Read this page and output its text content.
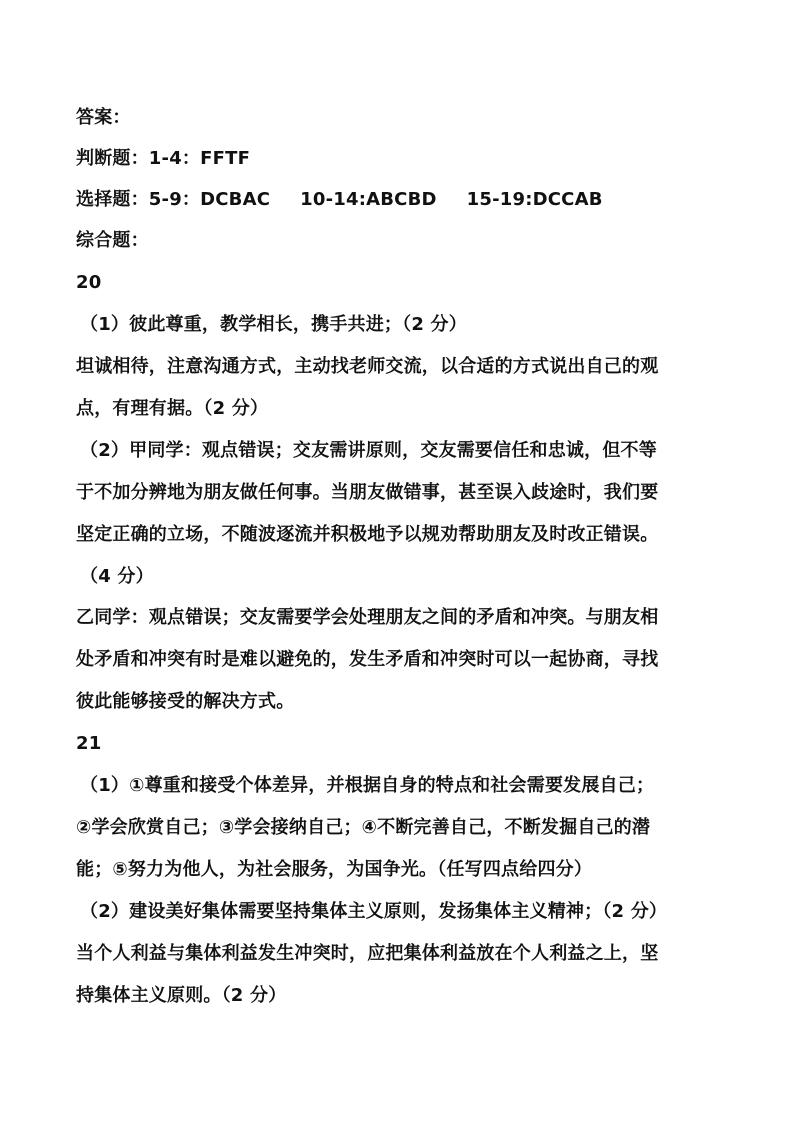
答案：
判断题：1-4：FFTF
选择题：5-9：DCBAC 10-14:ABCBD 15-19:DCCAB
综合题：
20
（1）彼此尊重，教学相长，携手共进；（2 分）
坦诚相待，注意沟通方式，主动找老师交流，以合适的方式说出自己的观
点，有理有据。（2 分）
（2）甲同学：观点错误；交友需讲原则，交友需要信任和忠诚，但不等
于不加分辨地为朋友做任何事。当朋友做错事，甚至误入歧途时，我们要
坚定正确的立场，不随波逐流并积极地予以规劝帮助朋友及时改正错误。
（4 分）
乙同学：观点错误；交友需要学会处理朋友之间的矛盾和冲突。与朋友相
处矛盾和冲突有时是难以避免的，发生矛盾和冲突时可以一起协商，寻找
彼此能够接受的解决方式。
21
（1）①尊重和接受个体差异，并根据自身的特点和社会需要发展自己；
②学会欣赏自己；③学会接纳自己；④不断完善自己，不断发掘自己的潜
能；⑤努力为他人，为社会服务，为国争光。（任写四点给四分）
（2）建设美好集体需要坚持集体主义原则，发扬集体主义精神；（2 分）
当个人利益与集体利益发生冲突时，应把集体利益放在个人利益之上，坚
持集体主义原则。（2 分）
